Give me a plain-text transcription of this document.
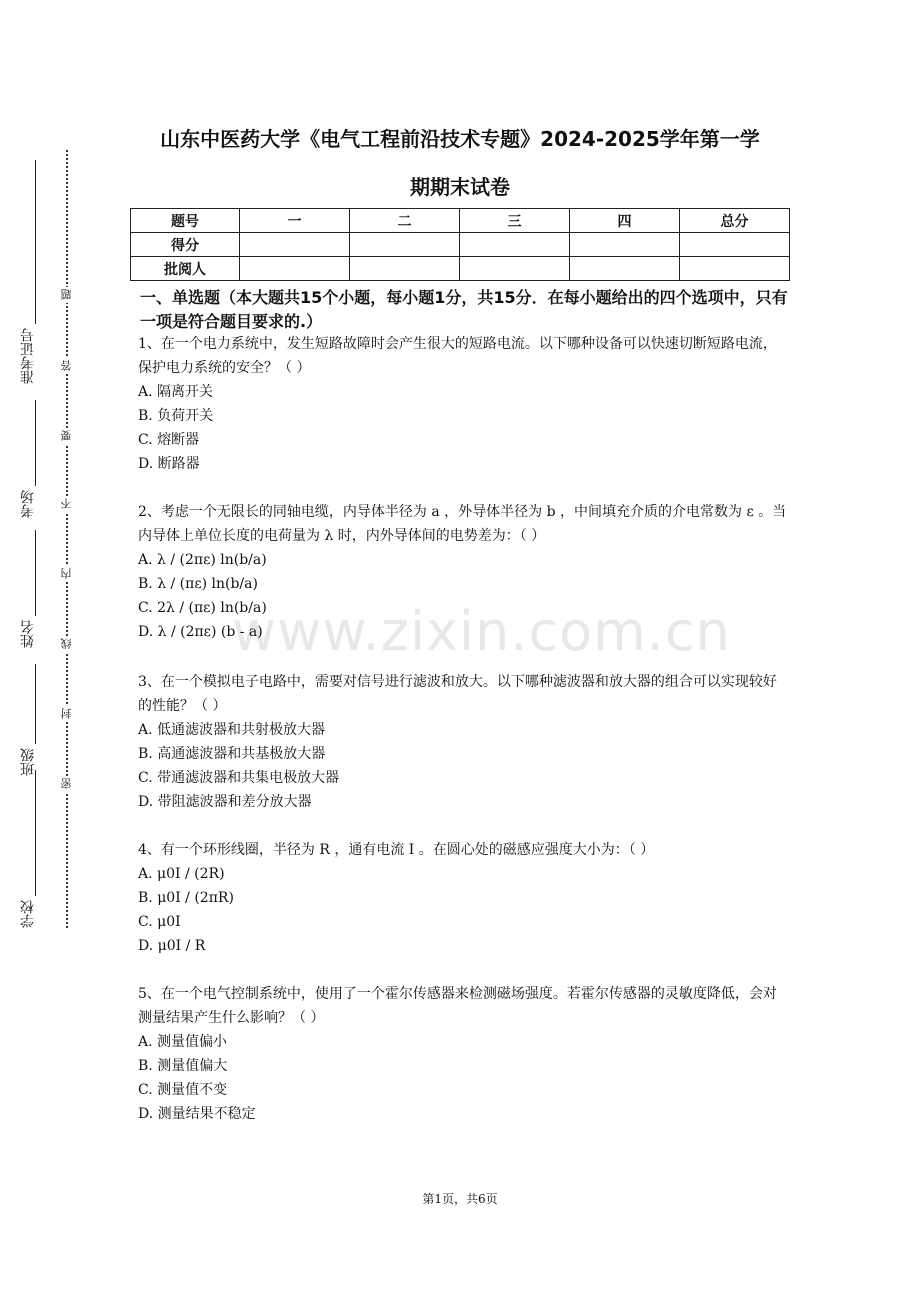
学校
班级
姓名
考场
准考证号
题
答
要
不
内
线
封
密
山东中医药大学《电气工程前沿技术专题》2024-2025学年第一学
期期末试卷
题号	一	二	三	四	总分
得分					
批阅人					
一、单选题（本大题共15个小题，每小题1分，共15分．在每小题给出的四个选项中，只有一项是符合题目要求的.）

1、在一个电力系统中，发生短路故障时会产生很大的短路电流。以下哪种设备可以快速切断短路电流，保护电力系统的安全？（ ）

A. 隔离开关

B. 负荷开关

C. 熔断器

D. 断路器

2、考虑一个无限长的同轴电缆，内导体半径为 a ，外导体半径为 b ，中间填充介质的介电常数为 ε 。当内导体上单位长度的电荷量为 λ 时，内外导体间的电势差为：（ ）

A. λ / (2πε) ln(b/a)

B. λ / (πε) ln(b/a)

C. 2λ / (πε) ln(b/a)

D. λ / (2πε) (b - a)

3、在一个模拟电子电路中，需要对信号进行滤波和放大。以下哪种滤波器和放大器的组合可以实现较好的性能？（ ）

A. 低通滤波器和共射极放大器

B. 高通滤波器和共基极放大器

C. 带通滤波器和共集电极放大器

D. 带阻滤波器和差分放大器

4、有一个环形线圈，半径为 R ，通有电流 I 。在圆心处的磁感应强度大小为：（ ）

A. μ0I / (2R)

B. μ0I / (2πR)

C. μ0I

D. μ0I / R

5、在一个电气控制系统中，使用了一个霍尔传感器来检测磁场强度。若霍尔传感器的灵敏度降低，会对测量结果产生什么影响？（ ）

A. 测量值偏小

B. 测量值偏大

C. 测量值不变

D. 测量结果不稳定

www.zixin.com.cn
第1页，共6页
